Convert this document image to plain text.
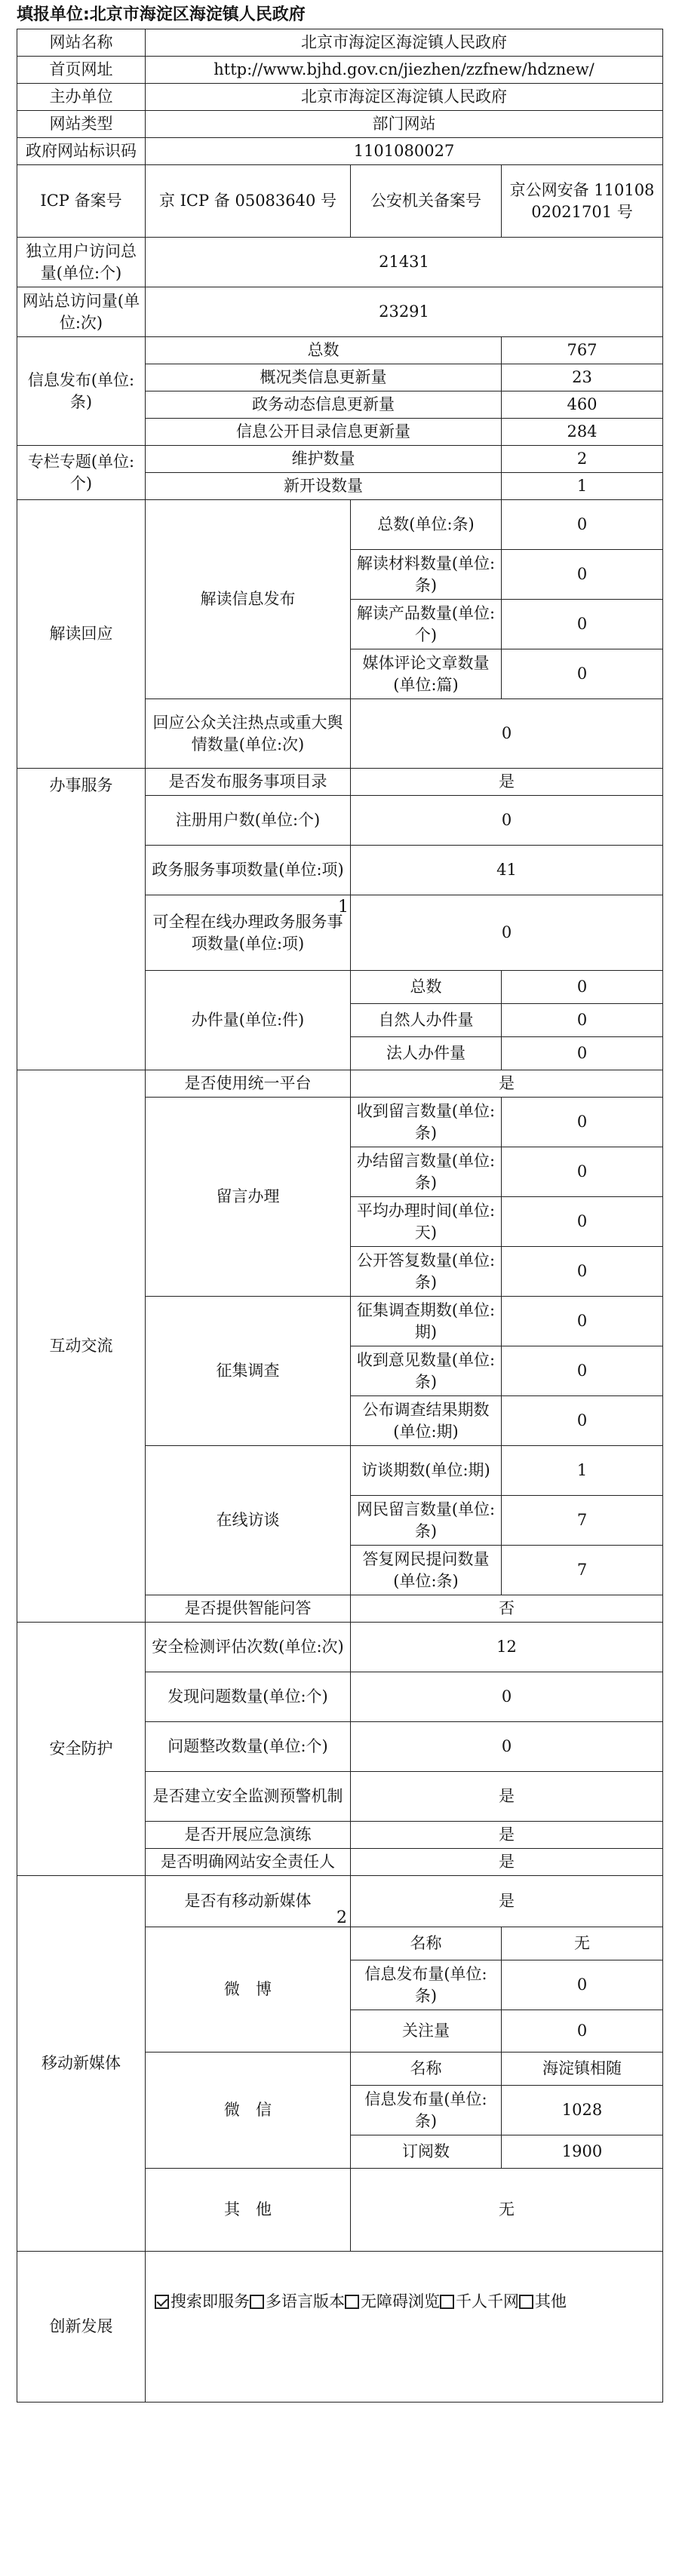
填报单位:北京市海淀区海淀镇人民政府
网站名称	北京市海淀区海淀镇人民政府		
首页网址	http://www.bjhd.gov.cn/jiezhen/zzfnew/hdznew/		
主办单位	北京市海淀区海淀镇人民政府		
网站类型	部门网站		
政府网站标识码	1101080027		
ICP 备案号	京 ICP 备 05083640 号	公安机关备案号	京公网安备 11010802021701 号
独立用户访问总量(单位:个)	21431		
网站总访问量(单位:次)	23291		
信息发布(单位:条)	总数		767
	概况类信息更新量		23
	政务动态信息更新量		460
	信息公开目录信息更新量		284
专栏专题(单位:个)	维护数量		2
	新开设数量		1
解读回应	解读信息发布	总数(单位:条)	0
		解读材料数量(单位:条)	0
		解读产品数量(单位:个)	0
		媒体评论文章数量(单位:篇)	0
	回应公众关注热点或重大舆情数量(单位:次)	0	
办事服务	是否发布服务事项目录	是	
	注册用户数(单位:个)	0	
	政务服务事项数量(单位:项)	41	
	可全程在线办理政务服务事项数量(单位:项)	0	
	办件量(单位:件)	总数	0
		自然人办件量	0
		法人办件量	0
互动交流	是否使用统一平台	是	
	留言办理	收到留言数量(单位:条)	0
		办结留言数量(单位:条)	0
		平均办理时间(单位:天)	0
		公开答复数量(单位:条)	0
	征集调查	征集调查期数(单位:期)	0
		收到意见数量(单位:条)	0
		公布调查结果期数(单位:期)	0
	在线访谈	访谈期数(单位:期)	1
		网民留言数量(单位:条)	7
		答复网民提问数量(单位:条)	7
	是否提供智能问答	否	
安全防护	安全检测评估次数(单位:次)	12	
	发现问题数量(单位:个)	0	
	问题整改数量(单位:个)	0	
	是否建立安全监测预警机制	是	
	是否开展应急演练	是	
	是否明确网站安全责任人	是	
移动新媒体	是否有移动新媒体	是	
	微　博	名称	无
		信息发布量(单位:条)	0
		关注量	0
	微　信	名称	海淀镇相随
		信息发布量(单位:条)	1028
		订阅数	1900
	其　他	无	
创新发展	搜索即服务 多语言版本 无障碍浏览 千人千网 其他		
1
2
